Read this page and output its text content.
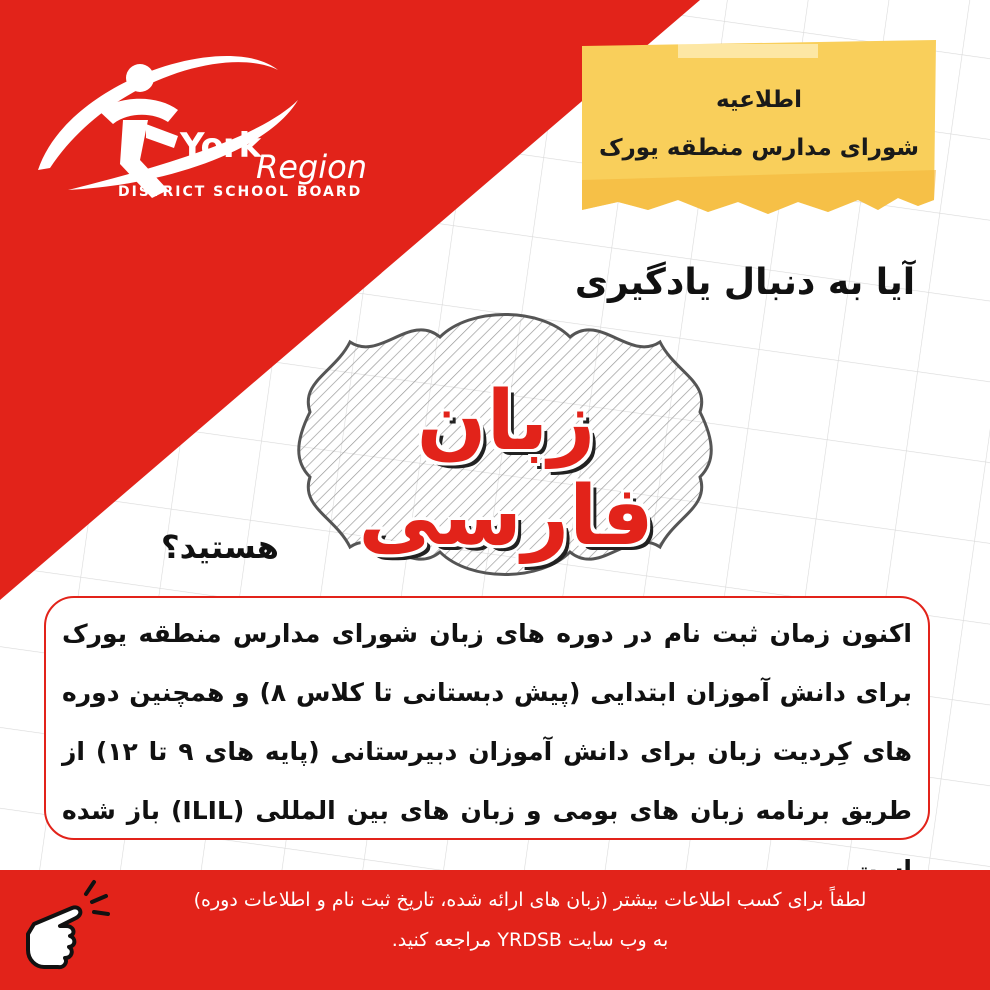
York
Region
DISTRICT SCHOOL BOARD
اطلاعیه
شورای مدارس منطقه یورک
آیا به دنبال یادگیری
زبان فارسی
هستید؟
اکنون زمان ثبت نام در دوره های زبان شورای مدارس منطقه یورک برای دانش آموزان ابتدایی (پیش دبستانی تا کلاس ۸) و همچنین دوره های کِردیت زبان برای دانش آموزان دبیرستانی (پایه های ۹ تا ۱۲) از طریق برنامه زبان های بومی و زبان های بین المللی (ILIL) باز شده
لطفاً برای کسب اطلاعات بیشتر (زبان های ارائه شده، تاریخ ثبت نام و اطلاعات دوره)
به وب سایت YRDSB مراجعه کنید.
